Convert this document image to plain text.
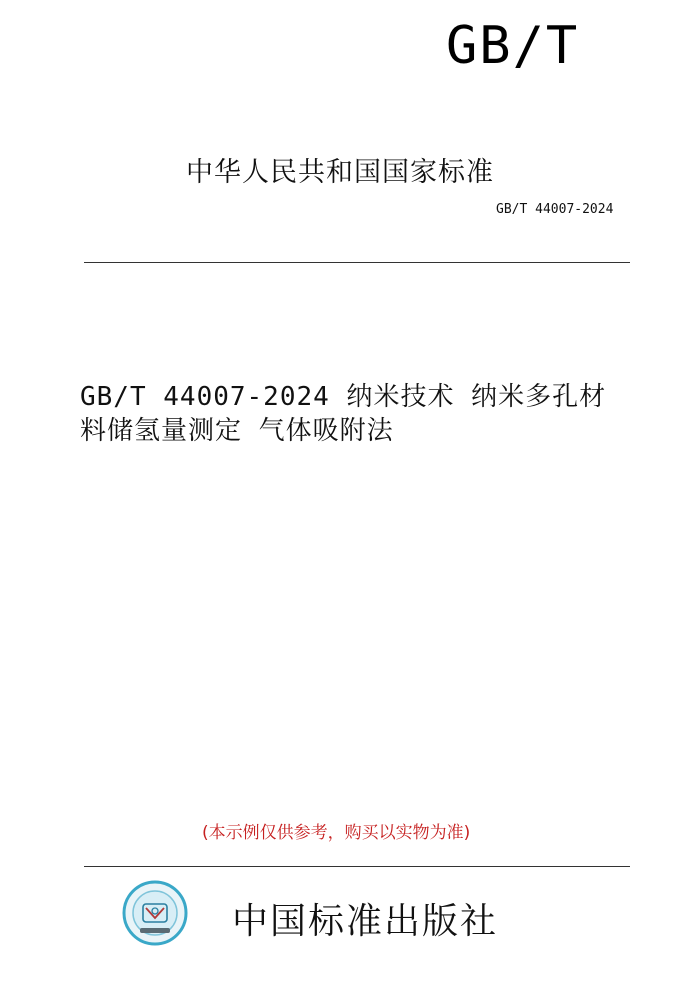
GB/T
中华人民共和国国家标准
GB/T 44007-2024
GB/T 44007-2024 纳米技术 纳米多孔材
料储氢量测定 气体吸附法
(本示例仅供参考，购买以实物为准)
中国标准出版社
